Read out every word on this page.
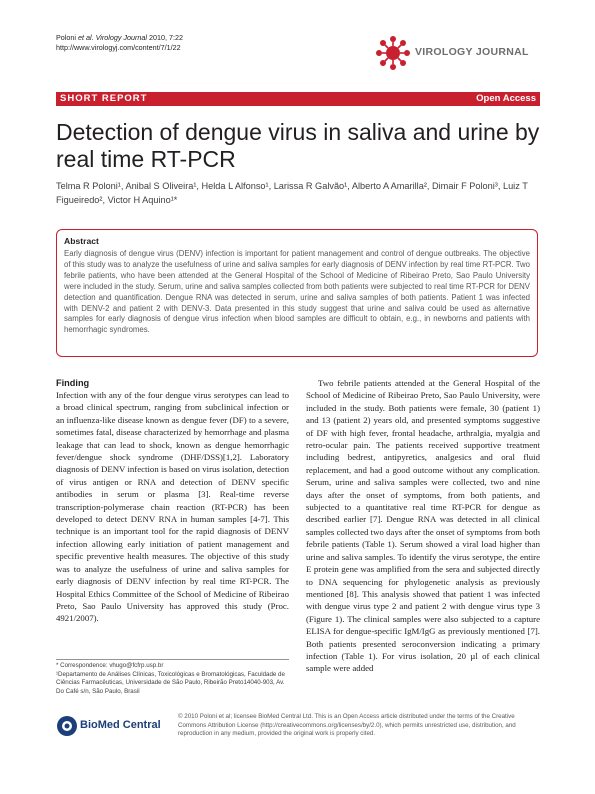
Poloni et al. Virology Journal 2010, 7:22
http://www.virologyj.com/content/7/1/22	VIROLOGY JOURNAL
SHORT REPORT	Open Access
Detection of dengue virus in saliva and urine by real time RT-PCR
Telma R Poloni¹, Anibal S Oliveira¹, Helda L Alfonso¹, Larissa R Galvão¹, Alberto A Amarilla², Dimair F Poloni³, Luiz T Figueiredo², Victor H Aquino¹*
Abstract

Early diagnosis of dengue virus (DENV) infection is important for patient management and control of dengue outbreaks. The objective of this study was to analyze the usefulness of urine and saliva samples for early diagnosis of DENV infection by real time RT-PCR. Two febrile patients, who have been attended at the General Hospital of the School of Medicine of Ribeirao Preto, Sao Paulo University were included in the study. Serum, urine and saliva samples collected from both patients were subjected to real time RT-PCR for DENV detection and quantification. Dengue RNA was detected in serum, urine and saliva samples of both patients. Patient 1 was infected with DENV-2 and patient 2 with DENV-3. Data presented in this study suggest that urine and saliva could be used as alternative samples for early diagnosis of dengue virus infection when blood samples are difficult to obtain, e.g., in newborns and patients with hemorrhagic syndromes.

Finding

Infection with any of the four dengue virus serotypes can lead to a broad clinical spectrum, ranging from subclinical infection or an influenza-like disease known as dengue fever (DF) to a severe, sometimes fatal, disease characterized by hemorrhage and plasma leakage that can lead to shock, known as dengue hemorrhagic fever/dengue shock syndrome (DHF/DSS)[1,2]. Laboratory diagnosis of DENV infection is based on virus isolation, detection of virus antigen or RNA and detection of DENV specific antibodies in serum or plasma [3]. Real-time reverse transcription-polymerase chain reaction (RT-PCR) has been developed to detect DENV RNA in human samples [4-7]. This technique is an important tool for the rapid diagnosis of DENV infection allowing early initiation of patient management and specific preventive health measures. The objective of this study was to analyze the usefulness of urine and saliva samples for early diagnosis of DENV infection by real time RT-PCR. The Hospital Ethics Committee of the School of Medicine of Ribeirao Preto, Sao Paulo University has approved this study (Proc. 4921/2007).

Two febrile patients attended at the General Hospital of the School of Medicine of Ribeirao Preto, Sao Paulo University, were included in the study. Both patients were female, 30 (patient 1) and 13 (patient 2) years old, and presented symptoms suggestive of DF with high fever, frontal headache, arthralgia, myalgia and retro-ocular pain. The patients received supportive treatment including bedrest, antipyretics, analgesics and oral fluid replacement, and had a good outcome without any complication. Serum, urine and saliva samples were collected, two and nine days after the onset of symptoms, from both patients, and subjected to a quantitative real time RT-PCR for dengue as described earlier [7]. Dengue RNA was detected in all clinical samples collected two days after the onset of symptoms from both febrile patients (Table 1). Serum showed a viral load higher than urine and saliva samples. To identify the virus serotype, the entire E protein gene was amplified from the sera and subjected directly to DNA sequencing for phylogenetic analysis as previously mentioned [8]. This analysis showed that patient 1 was infected with dengue virus type 2 and patient 2 with dengue virus type 3 (Figure 1). The clinical samples were also subjected to a capture ELISA for dengue-specific IgM/IgG as previously mentioned [7]. Both patients presented seroconversion indicating a primary infection (Table 1). For virus isolation, 20 µl of each clinical sample were added

* Correspondence: vhugo@fcfrp.usp.br
¹Departamento de Análises Clínicas, Toxicológicas e Bromatológicas, Faculdade de Ciências Farmacêuticas, Universidade de São Paulo, Ribeirão Preto14040-903, Av. Do Café s/n, São Paulo, Brasil
BioMed Central
© 2010 Poloni et al; licensee BioMed Central Ltd. This is an Open Access article distributed under the terms of the Creative Commons Attribution License (http://creativecommons.org/licenses/by/2.0), which permits unrestricted use, distribution, and reproduction in any medium, provided the original work is properly cited.
